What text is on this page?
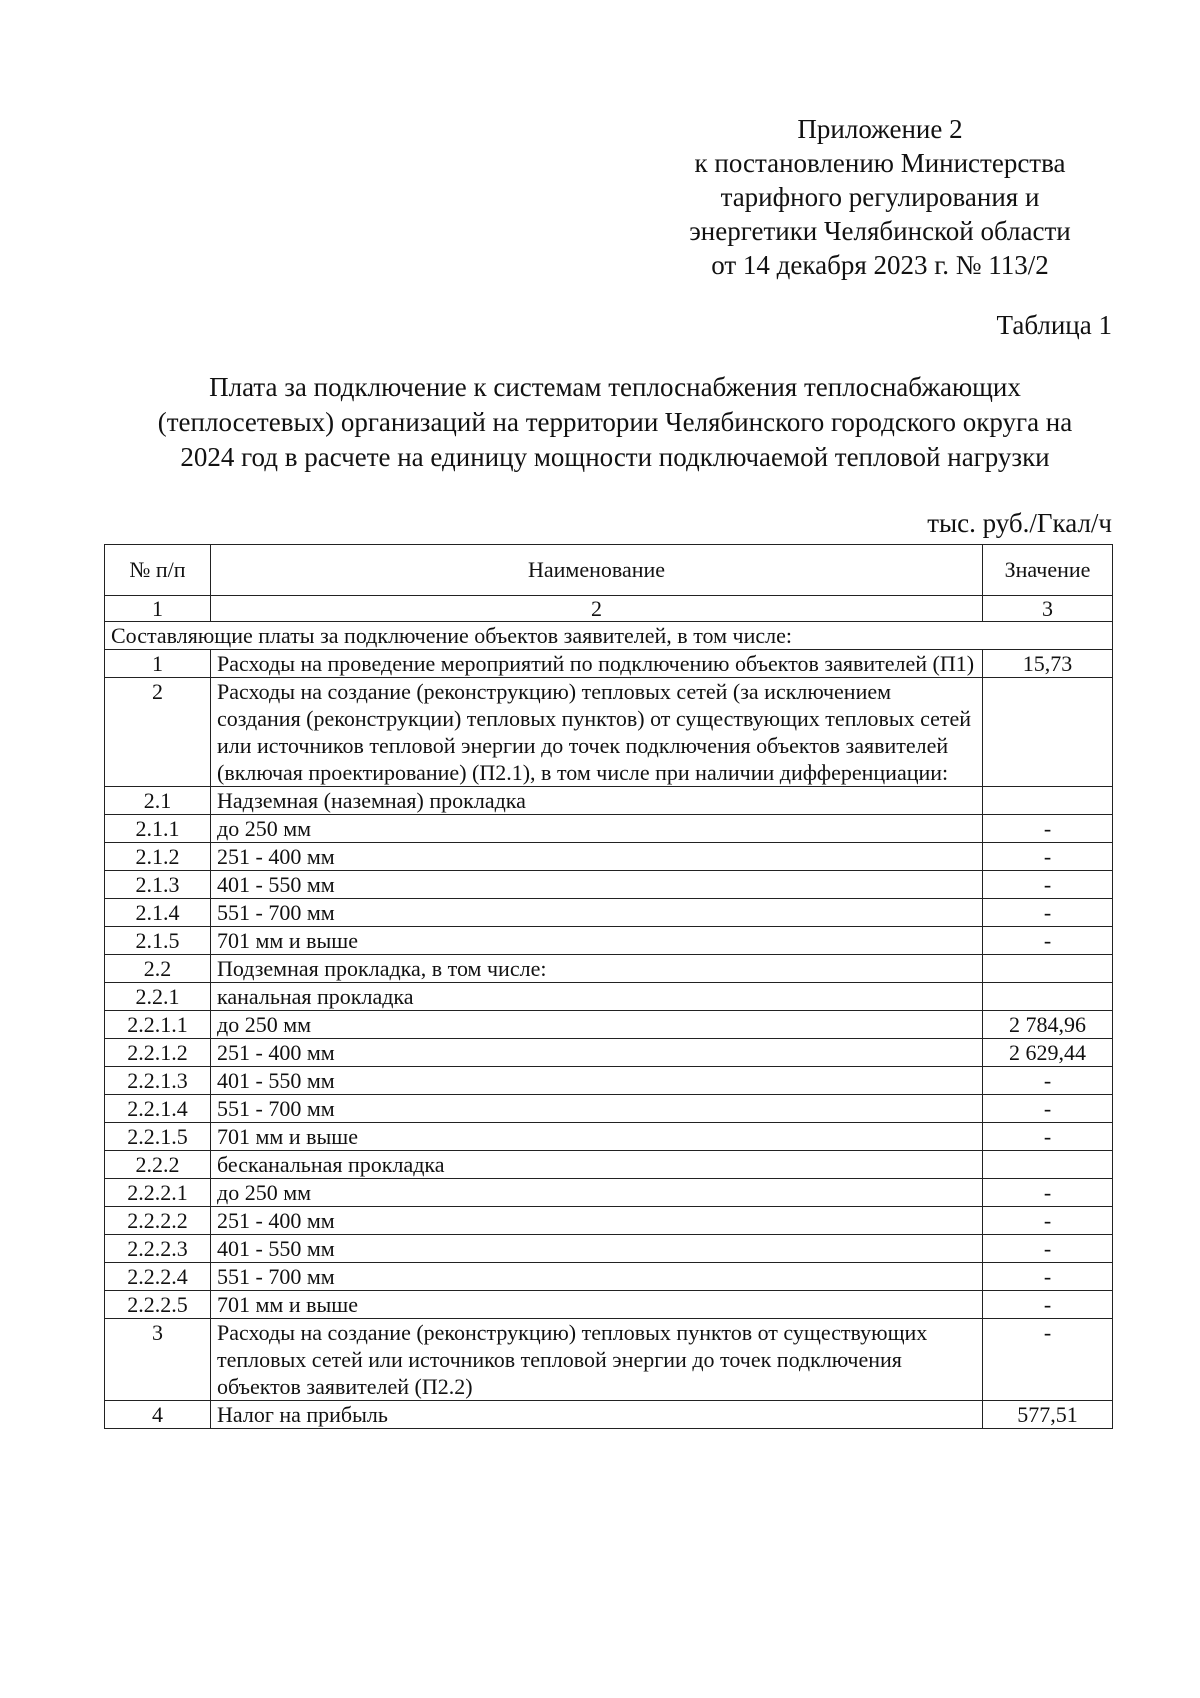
Приложение 2
к постановлению Министерства
тарифного регулирования и
энергетики Челябинской области
от 14 декабря 2023 г. № 113/2
Таблица 1
Плата за подключение к системам теплоснабжения теплоснабжающих
(теплосетевых) организаций на территории Челябинского городского округа на
2024 год в расчете на единицу мощности подключаемой тепловой нагрузки
тыс. руб./Гкал/ч
№ п/п	Наименование	Значение
1	2	3
Составляющие платы за подключение объектов заявителей, в том числе:		
1	Расходы на проведение мероприятий по подключению объектов заявителей (П1)	15,73
2	Расходы на создание (реконструкцию) тепловых сетей (за исключением создания (реконструкции) тепловых пунктов) от существующих тепловых сетей или источников тепловой энергии до точек подключения объектов заявителей (включая проектирование) (П2.1), в том числе при наличии дифференциации:	
2.1	Надземная (наземная) прокладка	
2.1.1	до 250 мм	-
2.1.2	251 - 400 мм	-
2.1.3	401 - 550 мм	-
2.1.4	551 - 700 мм	-
2.1.5	701 мм и выше	-
2.2	Подземная прокладка, в том числе:	
2.2.1	канальная прокладка	
2.2.1.1	до 250 мм	2 784,96
2.2.1.2	251 - 400 мм	2 629,44
2.2.1.3	401 - 550 мм	-
2.2.1.4	551 - 700 мм	-
2.2.1.5	701 мм и выше	-
2.2.2	бесканальная прокладка	
2.2.2.1	до 250 мм	-
2.2.2.2	251 - 400 мм	-
2.2.2.3	401 - 550 мм	-
2.2.2.4	551 - 700 мм	-
2.2.2.5	701 мм и выше	-
3	Расходы на создание (реконструкцию) тепловых пунктов от существующих тепловых сетей или источников тепловой энергии до точек подключения объектов заявителей (П2.2)	-
4	Налог на прибыль	577,51
